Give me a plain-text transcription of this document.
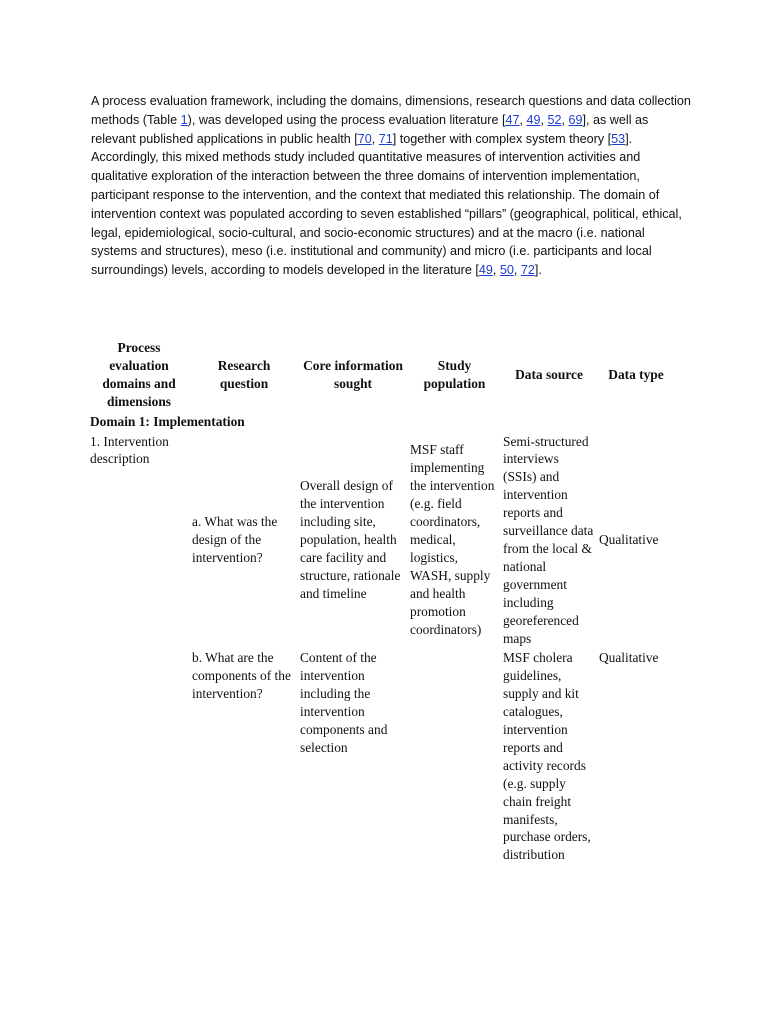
A process evaluation framework, including the domains, dimensions, research questions and data collection methods (Table 1), was developed using the process evaluation literature [47, 49, 52, 69], as well as relevant published applications in public health [70, 71] together with complex system theory [53]. Accordingly, this mixed methods study included quantitative measures of intervention activities and qualitative exploration of the interaction between the three domains of intervention implementation, participant response to the intervention, and the context that mediated this relationship. The domain of intervention context was populated according to seven established “pillars” (geographical, political, ethical, legal, epidemiological, socio-cultural, and socio-economic structures) and at the macro (i.e. national systems and structures), meso (i.e. institutional and community) and micro (i.e. participants and local surroundings) levels, according to models developed in the literature [49, 50, 72].

Process evaluation domains and dimensions	Research question	Core information sought	Study population	Data source	Data type
Domain 1: Implementation					
1. Intervention description	a. What was the design of the intervention?	Overall design of the intervention including site, population, health care facility and structure, rationale and timeline	MSF staff implementing the intervention (e.g. field coordinators, medical, logistics, WASH, supply and health promotion coordinators)	Semi-structured interviews (SSIs) and intervention reports and surveillance data from the local & national government including georeferenced maps	Qualitative
	b. What are the components of the intervention?	Content of the intervention including the intervention components and selection		MSF cholera guidelines, supply and kit catalogues, intervention reports and activity records (e.g. supply chain freight manifests, purchase orders, distribution	Qualitative
